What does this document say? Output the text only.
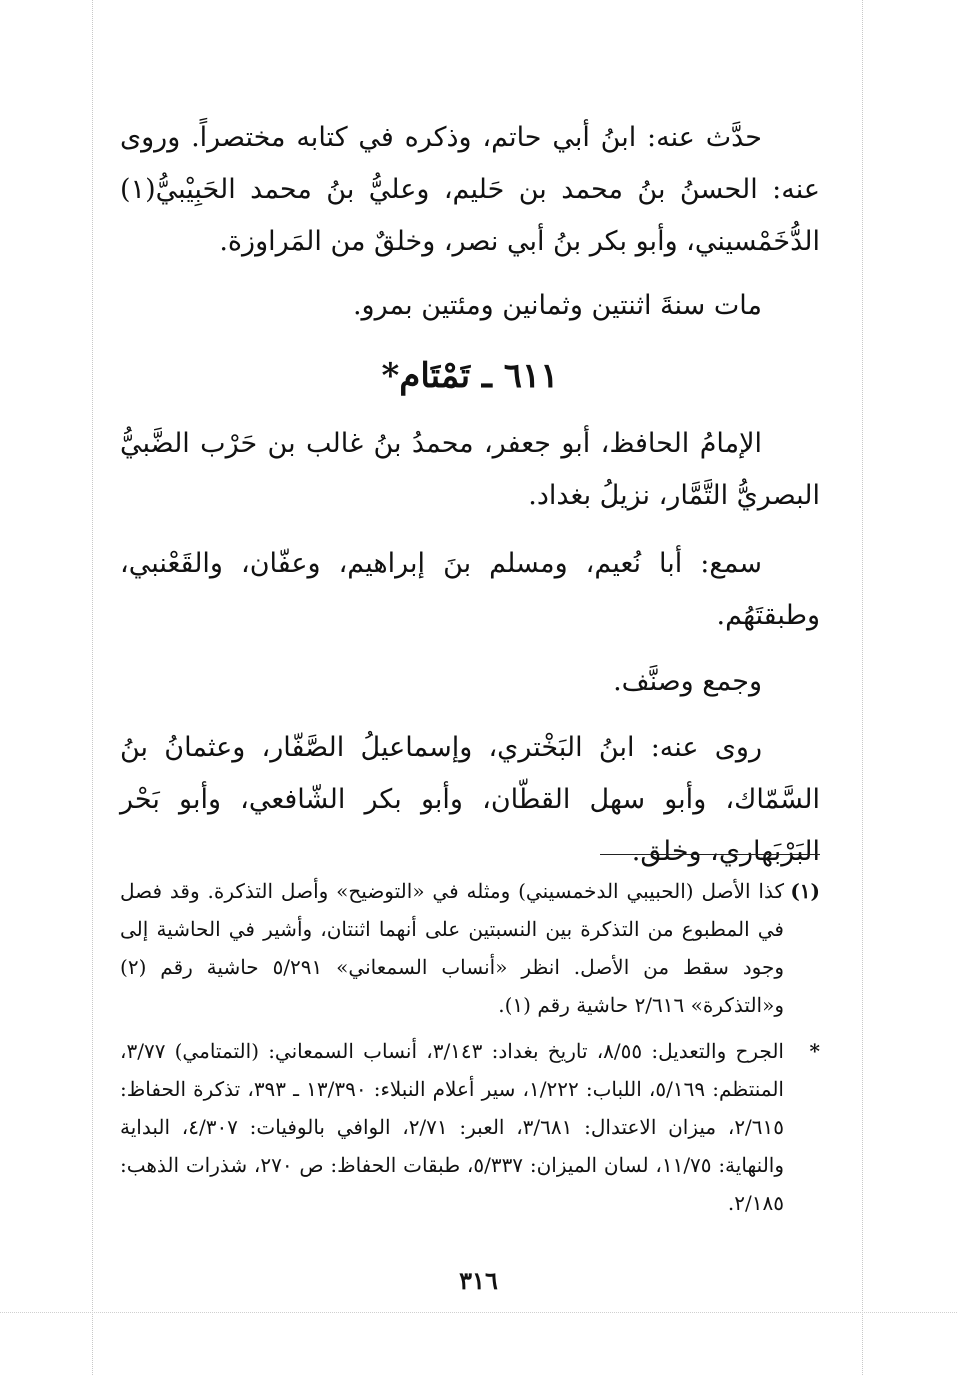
حدَّث عنه: ابنُ أبي حاتم، وذكره في كتابه مختصراً. وروى عنه: الحسنُ بنُ محمد بن حَليم، وعليُّ بنُ محمد الحَبِيْبيُّ(١) الدُّخَمْسيني، وأبو بكر بنُ أبي نصر، وخلقٌ من المَراوزة.

مات سنةَ اثنتين وثمانين ومئتين بمرو.

٦١١ ـ تَمْتَام*

الإمامُ الحافظ، أبو جعفر، محمدُ بنُ غالب بن حَرْب الضَّبيُّ البصريُّ التَّمَّار، نزيلُ بغداد.

سمع: أبا نُعيم، ومسلم بنَ إبراهيم، وعفّان، والقَعْنبي، وطبقتَهُم.

وجمع وصنَّف.

روى عنه: ابنُ البَخْتري، وإسماعيلُ الصَّفّار، وعثمانُ بنُ السَّمّاك، وأبو سهل القطّان، وأبو بكر الشّافعي، وأبو بَحْر البَرْبَهاري، وخلق.

(١)
كذا الأصل (الحبيبي الدخمسيني) ومثله في «التوضيح» وأصل التذكرة. وقد فصل في المطبوع من التذكرة بين النسبتين على أنهما اثنتان، وأشير في الحاشية إلى وجود سقط من الأصل. انظر «أنساب السمعاني» ٥/٢٩١ حاشية رقم (٢) و«التذكرة» ٢/٦١٦ حاشية رقم (١).
*
الجرح والتعديل: ٨/٥٥، تاريخ بغداد: ٣/١٤٣، أنساب السمعاني: (التمتامي) ٣/٧٧، المنتظم: ٥/١٦٩، اللباب: ١/٢٢٢، سير أعلام النبلاء: ١٣/٣٩٠ ـ ٣٩٣، تذكرة الحفاظ: ٢/٦١٥، ميزان الاعتدال: ٣/٦٨١، العبر: ٢/٧١، الوافي بالوفيات: ٤/٣٠٧، البداية والنهاية: ١١/٧٥، لسان الميزان: ٥/٣٣٧، طبقات الحفاظ: ص ٢٧٠، شذرات الذهب: ٢/١٨٥.
٣١٦
